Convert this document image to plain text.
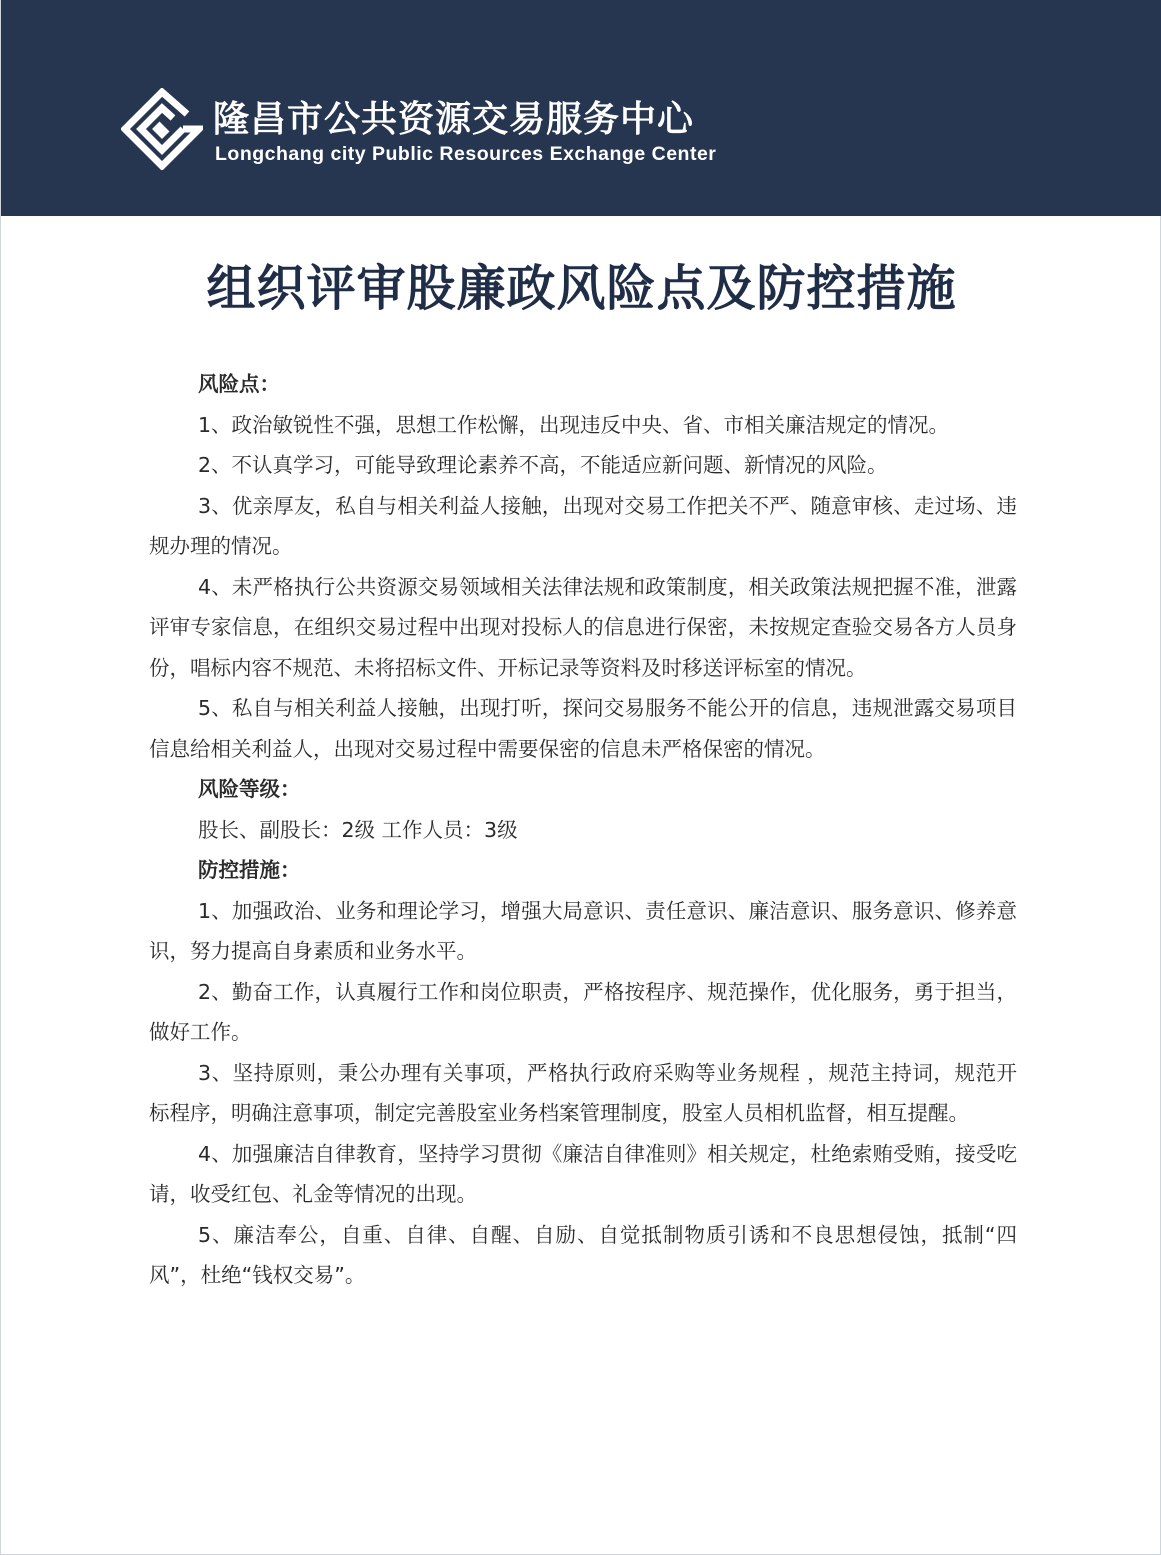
隆昌市公共资源交易服务中心
Longchang city Public Resources Exchange Center
组织评审股廉政风险点及防控措施

风险点：

1、政治敏锐性不强，思想工作松懈，出现违反中央、省、市相关廉洁规定的情况。

2、不认真学习，可能导致理论素养不高，不能适应新问题、新情况的风险。

3、优亲厚友，私自与相关利益人接触，出现对交易工作把关不严、随意审核、走过场、违规办理的情况。

4、未严格执行公共资源交易领域相关法律法规和政策制度，相关政策法规把握不准，泄露评审专家信息，在组织交易过程中出现对投标人的信息进行保密，未按规定查验交易各方人员身份，唱标内容不规范、未将招标文件、开标记录等资料及时移送评标室的情况。

5、私自与相关利益人接触，出现打听，探问交易服务不能公开的信息，违规泄露交易项目信息给相关利益人，出现对交易过程中需要保密的信息未严格保密的情况。

风险等级：

股长、副股长：2级 工作人员：3级

防控措施：

1、加强政治、业务和理论学习，增强大局意识、责任意识、廉洁意识、服务意识、修养意识，努力提高自身素质和业务水平。

2、勤奋工作，认真履行工作和岗位职责，严格按程序、规范操作，优化服务，勇于担当，做好工作。

3、坚持原则，秉公办理有关事项，严格执行政府采购等业务规程 ，规范主持词，规范开标程序，明确注意事项，制定完善股室业务档案管理制度，股室人员相机监督，相互提醒。

4、加强廉洁自律教育，坚持学习贯彻《廉洁自律准则》相关规定，杜绝索贿受贿，接受吃请，收受红包、礼金等情况的出现。

5、廉洁奉公，自重、自律、自醒、自励、自觉抵制物质引诱和不良思想侵蚀，抵制“四风”，杜绝“钱权交易”。
